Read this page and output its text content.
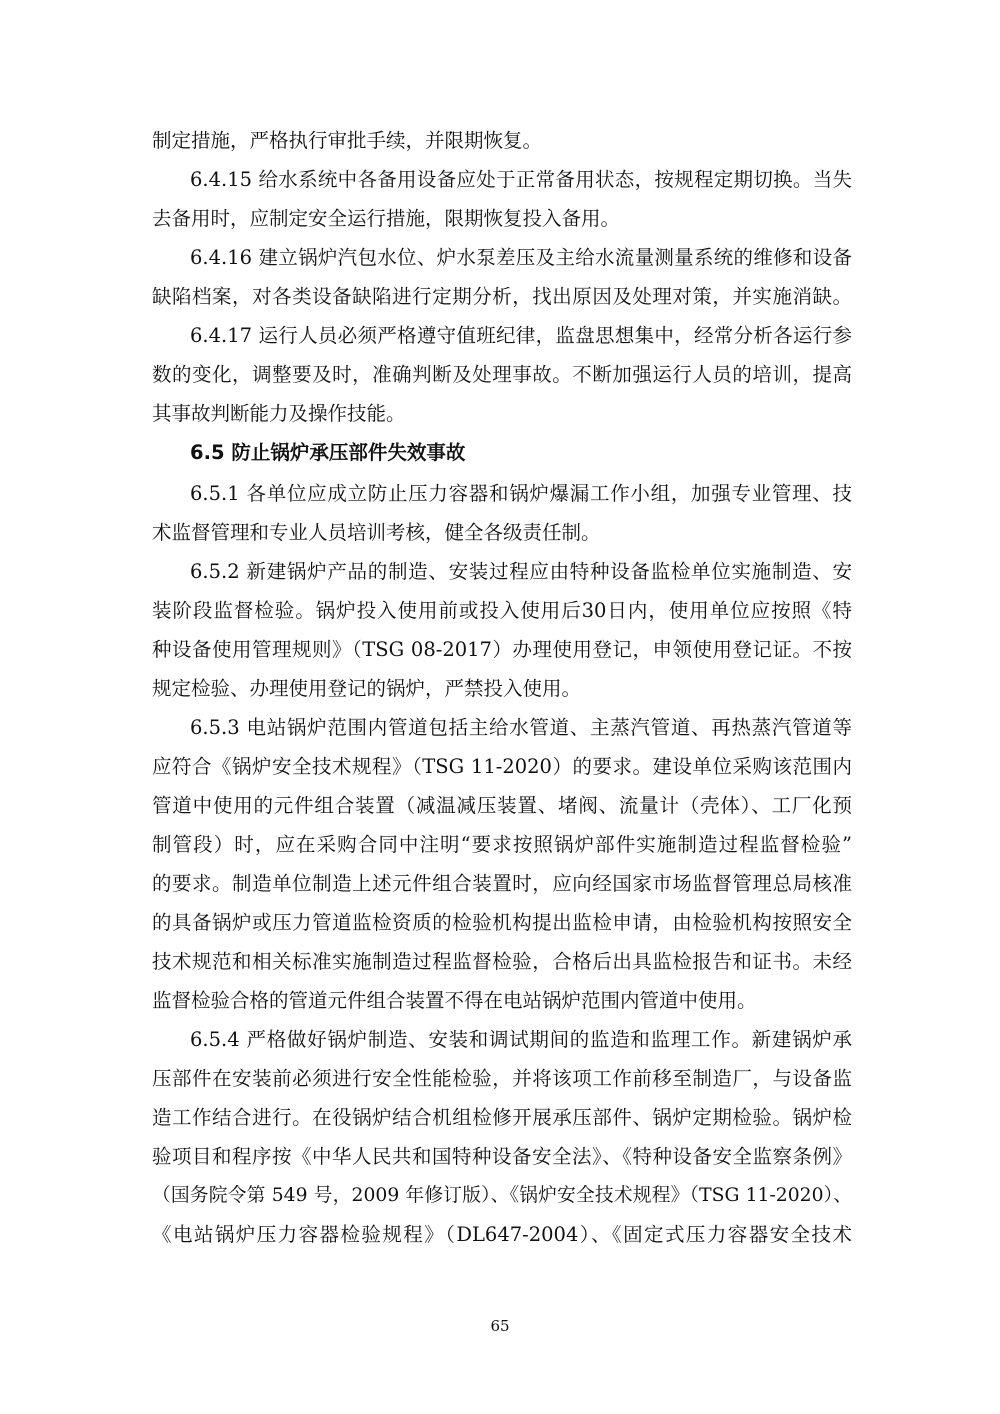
制定措施，严格执行审批手续，并限期恢复。
6.4.15 给水系统中各备用设备应处于正常备用状态，按规程定期切换。当失
去备用时，应制定安全运行措施，限期恢复投入备用。
6.4.16 建立锅炉汽包水位、炉水泵差压及主给水流量测量系统的维修和设备
缺陷档案，对各类设备缺陷进行定期分析，找出原因及处理对策，并实施消缺。
6.4.17 运行人员必须严格遵守值班纪律，监盘思想集中，经常分析各运行参
数的变化，调整要及时，准确判断及处理事故。不断加强运行人员的培训，提高
其事故判断能力及操作技能。
6.5 防止锅炉承压部件失效事故
6.5.1 各单位应成立防止压力容器和锅炉爆漏工作小组，加强专业管理、技
术监督管理和专业人员培训考核，健全各级责任制。
6.5.2 新建锅炉产品的制造、安装过程应由特种设备监检单位实施制造、安
装阶段监督检验。锅炉投入使用前或投入使用后30日内，使用单位应按照《特
种设备使用管理规则》（TSG 08-2017）办理使用登记，申领使用登记证。不按
规定检验、办理使用登记的锅炉，严禁投入使用。
6.5.3 电站锅炉范围内管道包括主给水管道、主蒸汽管道、再热蒸汽管道等
应符合《锅炉安全技术规程》（TSG 11-2020）的要求。建设单位采购该范围内
管道中使用的元件组合装置（减温减压装置、堵阀、流量计（壳体）、工厂化预
制管段）时，应在采购合同中注明“要求按照锅炉部件实施制造过程监督检验”
的要求。制造单位制造上述元件组合装置时，应向经国家市场监督管理总局核准
的具备锅炉或压力管道监检资质的检验机构提出监检申请，由检验机构按照安全
技术规范和相关标准实施制造过程监督检验，合格后出具监检报告和证书。未经
监督检验合格的管道元件组合装置不得在电站锅炉范围内管道中使用。
6.5.4 严格做好锅炉制造、安装和调试期间的监造和监理工作。新建锅炉承
压部件在安装前必须进行安全性能检验，并将该项工作前移至制造厂，与设备监
造工作结合进行。在役锅炉结合机组检修开展承压部件、锅炉定期检验。锅炉检
验项目和程序按《中华人民共和国特种设备安全法》、《特种设备安全监察条例》
（国务院令第 549 号，2009 年修订版）、《锅炉安全技术规程》（TSG 11-2020）、
《电站锅炉压力容器检验规程》（DL647-2004）、《固定式压力容器安全技术
65
